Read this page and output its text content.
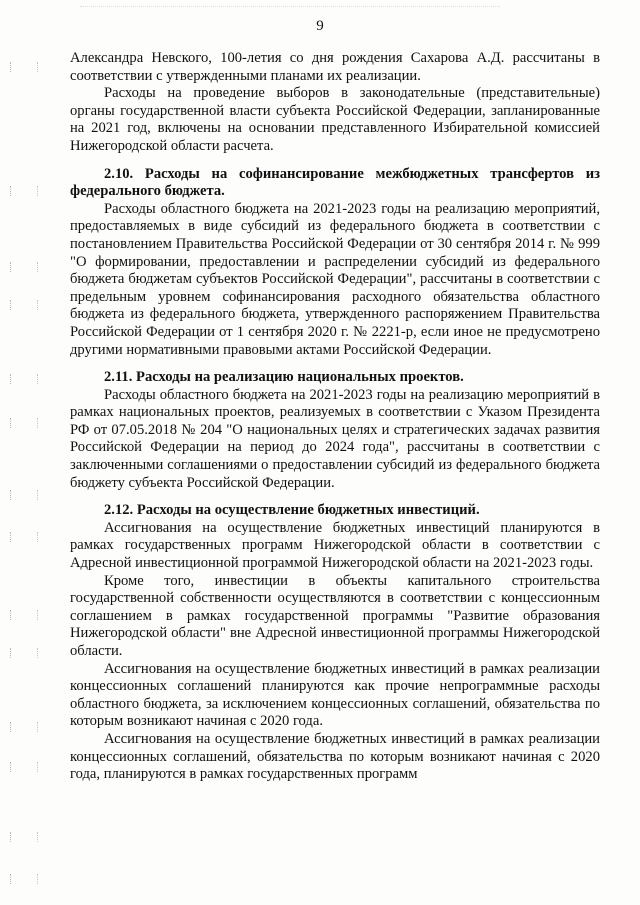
9

Александра Невского, 100-летия со дня рождения Сахарова А.Д. рассчитаны в соответствии с утвержденными планами их реализации.

Расходы на проведение выборов в законодательные (представительные) органы государственной власти субъекта Российской Федерации, запланированные на 2021 год, включены на основании представленного Избирательной комиссией Нижегородской области расчета.

2.10. Расходы на софинансирование межбюджетных трансфертов из федерального бюджета.

Расходы областного бюджета на 2021-2023 годы на реализацию мероприятий, предоставляемых в виде субсидий из федерального бюджета в соответствии с постановлением Правительства Российской Федерации от 30 сентября 2014 г. № 999 "О формировании, предоставлении и распределении субсидий из федерального бюджета бюджетам субъектов Российской Федерации", рассчитаны в соответствии с предельным уровнем софинансирования расходного обязательства областного бюджета из федерального бюджета, утвержденного распоряжением Правительства Российской Федерации от 1 сентября 2020 г. № 2221-р, если иное не предусмотрено другими нормативными правовыми актами Российской Федерации.

2.11. Расходы на реализацию национальных проектов.

Расходы областного бюджета на 2021-2023 годы на реализацию мероприятий в рамках национальных проектов, реализуемых в соответствии с Указом Президента РФ от 07.05.2018 № 204 "О национальных целях и стратегических задачах развития Российской Федерации на период до 2024 года", рассчитаны в соответствии с заключенными соглашениями о предоставлении субсидий из федерального бюджета бюджету субъекта Российской Федерации.

2.12. Расходы на осуществление бюджетных инвестиций.

Ассигнования на осуществление бюджетных инвестиций планируются в рамках государственных программ Нижегородской области в соответствии с Адресной инвестиционной программой Нижегородской области на 2021-2023 годы.

Кроме того, инвестиции в объекты капитального строительства государственной собственности осуществляются в соответствии с концессионным соглашением в рамках государственной программы "Развитие образования Нижегородской области" вне Адресной инвестиционной программы Нижегородской области.

Ассигнования на осуществление бюджетных инвестиций в рамках реализации концессионных соглашений планируются как прочие непрограммные расходы областного бюджета, за исключением концессионных соглашений, обязательства по которым возникают начиная с 2020 года.

Ассигнования на осуществление бюджетных инвестиций в рамках реализации концессионных соглашений, обязательства по которым возникают начиная с 2020 года, планируются в рамках государственных программ
